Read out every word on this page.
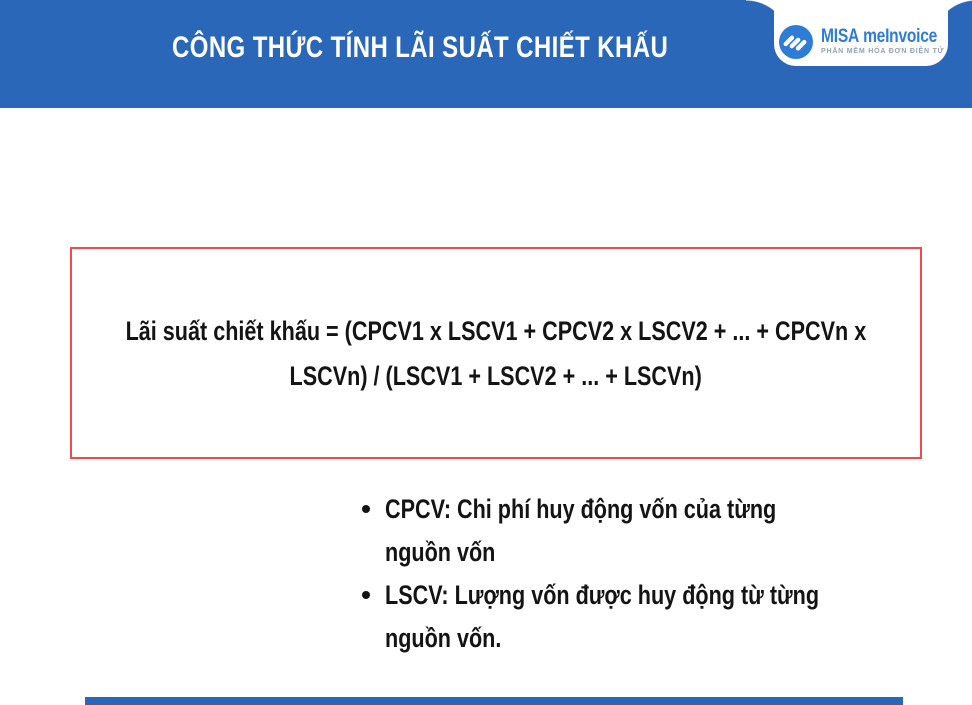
CÔNG THỨC TÍNH LÃI SUẤT CHIẾT KHẤU	MISA meInvoice
PHẦN MỀM HÓA ĐƠN ĐIỆN TỬ
Lãi suất chiết khấu = (CPCV1 x LSCV1 + CPCV2 x LSCV2 + ... + CPCVn x
LSCVn) / (LSCV1 + LSCV2 + ... + LSCVn)
CPCV: Chi phí huy động vốn của từng
nguồn vốn
LSCV: Lượng vốn được huy động từ từng
nguồn vốn.
